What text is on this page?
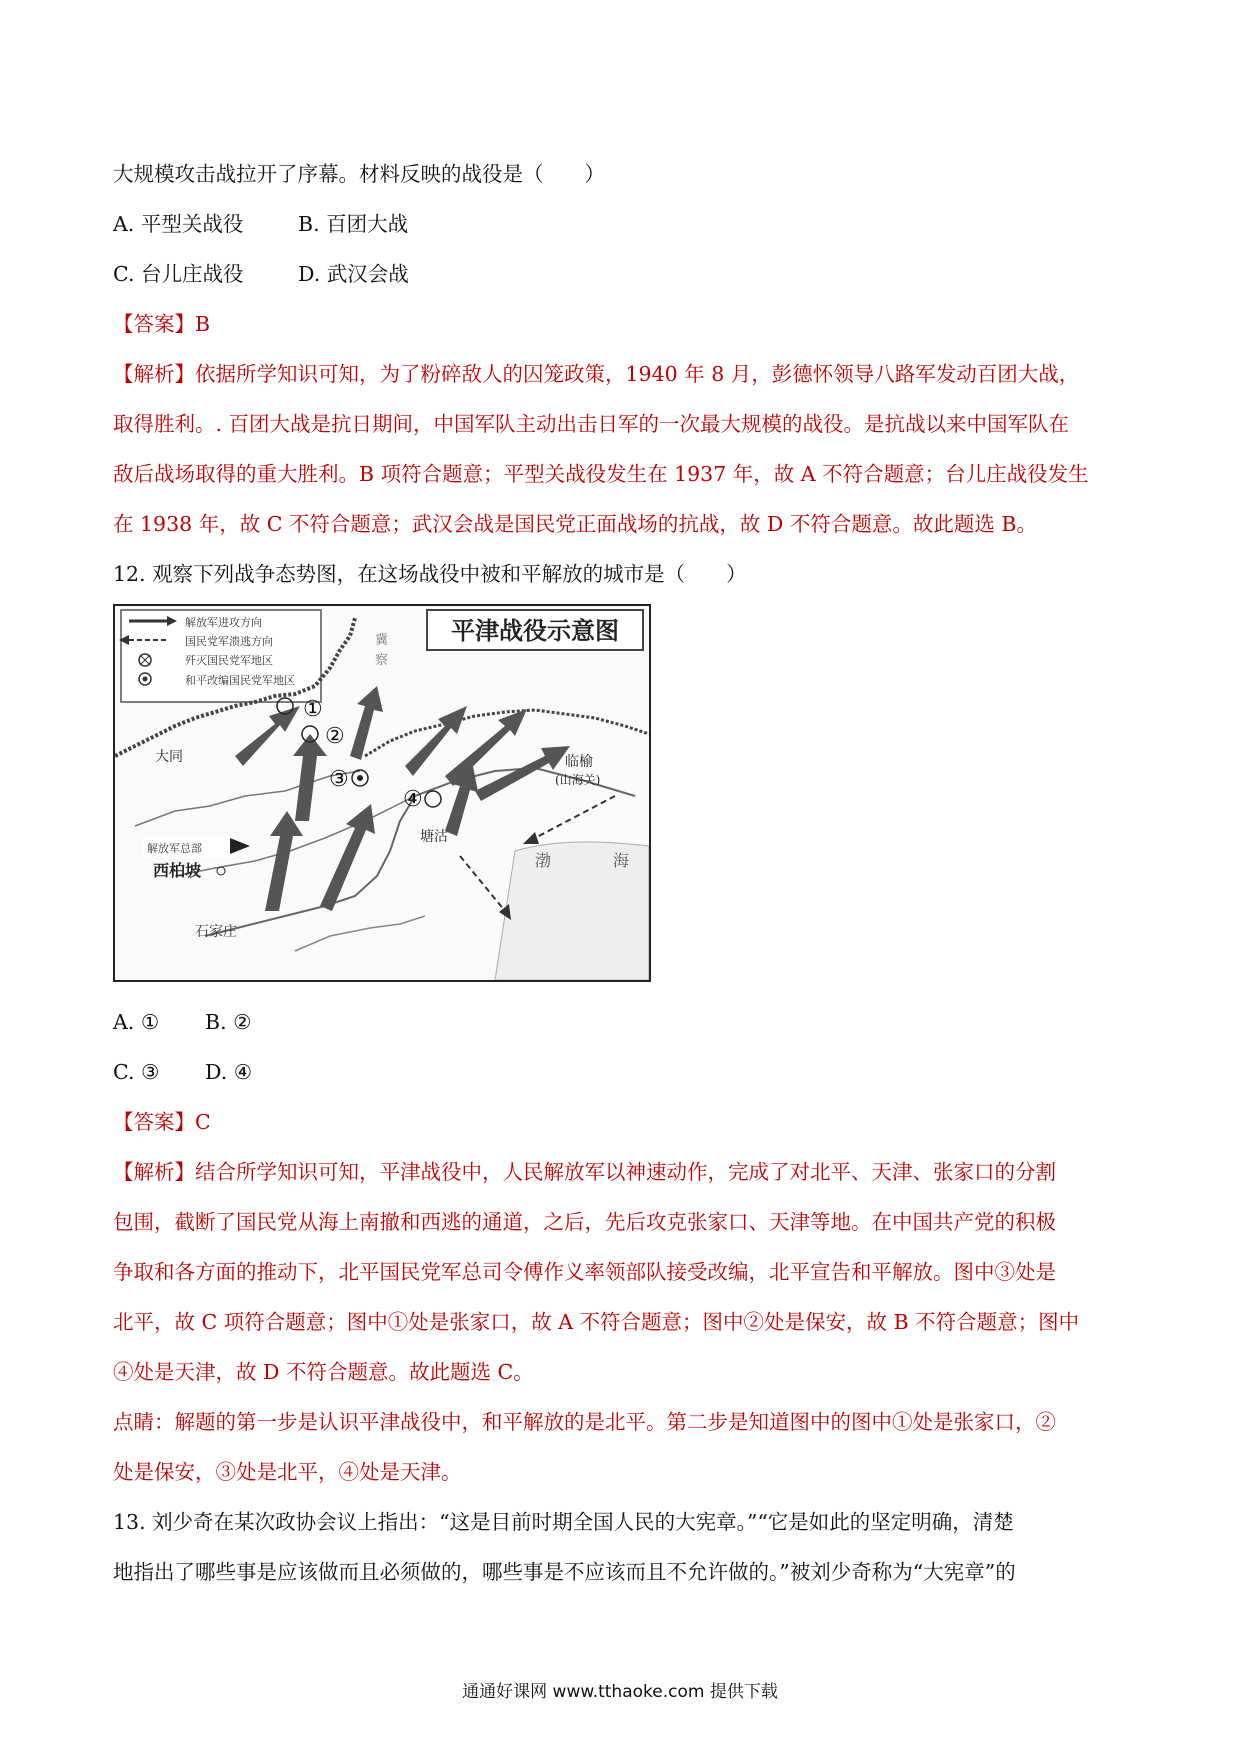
大规模攻击战拉开了序幕。材料反映的战役是（　　）
A. 平型关战役	B. 百团大战
C. 台儿庄战役	D. 武汉会战
【答案】B
【解析】依据所学知识可知，为了粉碎敌人的囚笼政策，1940 年 8 月，彭德怀领导八路军发动百团大战，
取得胜利。. 百团大战是抗日期间，中国军队主动出击日军的一次最大规模的战役。是抗战以来中国军队在
敌后战场取得的重大胜利。B 项符合题意；平型关战役发生在 1937 年，故 A 不符合题意；台儿庄战役发生
在 1938 年，故 C 不符合题意；武汉会战是国民党正面战场的抗战，故 D 不符合题意。故此题选 B。
12. 观察下列战争态势图，在这场战役中被和平解放的城市是（　　）
解放军进攻方向
国民党军溃逃方向
歼灭国民党军地区
和平改编国民党军地区
平津战役示意图
①
②
③
④
大同
解放军总部
西柏坡
石家庄
塘沽
临榆
(山海关)
渤	海
冀
察
A. ① B. ②
C. ③ D. ④
【答案】C
【解析】结合所学知识可知，平津战役中，人民解放军以神速动作，完成了对北平、天津、张家口的分割
包围，截断了国民党从海上南撤和西逃的通道，之后，先后攻克张家口、天津等地。在中国共产党的积极
争取和各方面的推动下，北平国民党军总司令傅作义率领部队接受改编，北平宣告和平解放。图中③处是
北平，故 C 项符合题意；图中①处是张家口，故 A 不符合题意；图中②处是保安，故 B 不符合题意；图中
④处是天津，故 D 不符合题意。故此题选 C。
点睛：解题的第一步是认识平津战役中，和平解放的是北平。第二步是知道图中的图中①处是张家口，②
处是保安，③处是北平，④处是天津。
13. 刘少奇在某次政协会议上指出：“这是目前时期全国人民的大宪章。”“它是如此的坚定明确，清楚
地指出了哪些事是应该做而且必须做的，哪些事是不应该而且不允许做的。”被刘少奇称为“大宪章”的
通通好课网 www.tthaoke.com 提供下载
